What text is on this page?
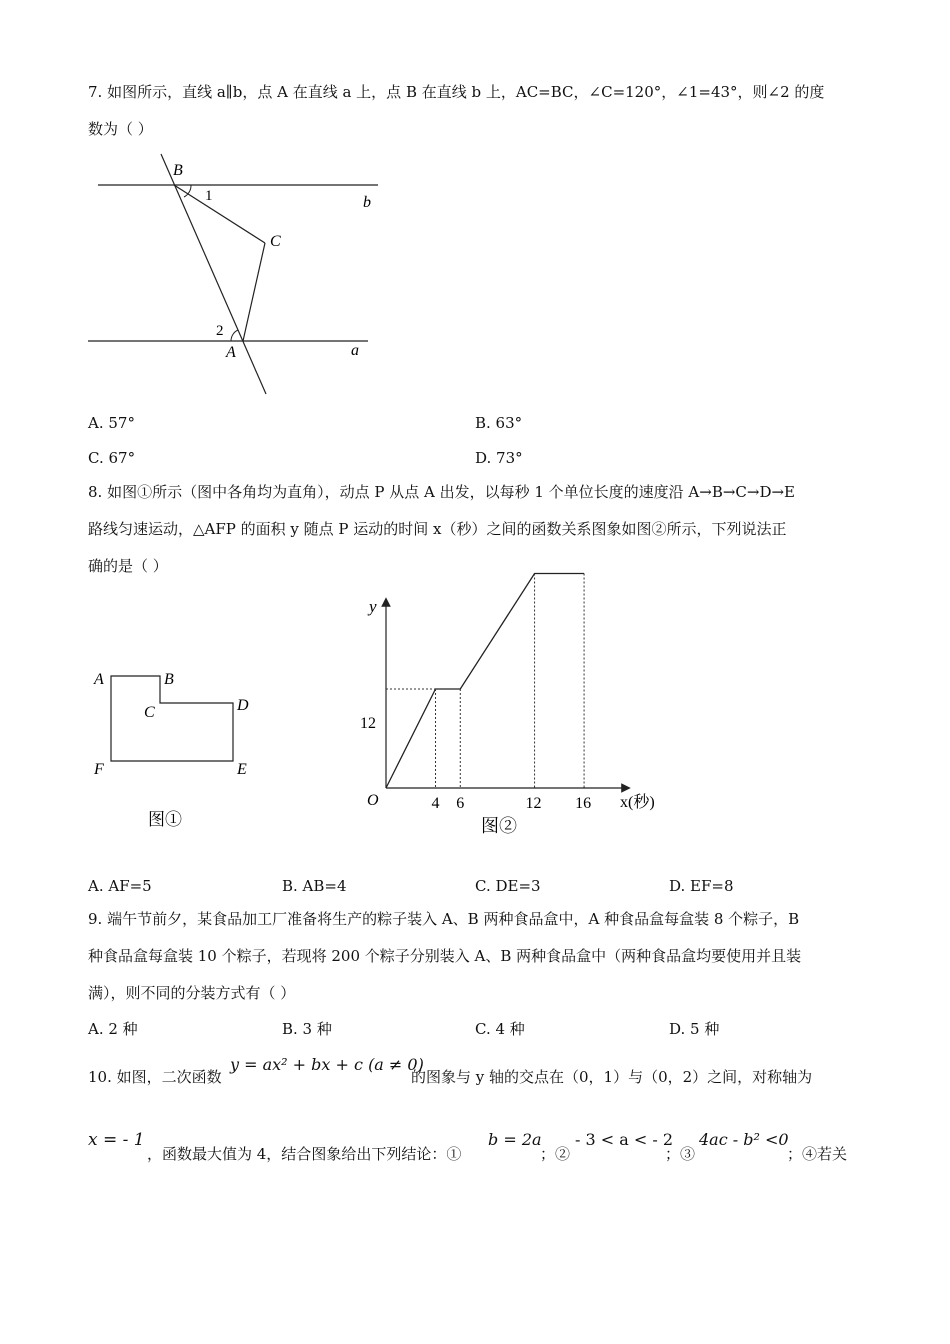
7. 如图所示，直线 a∥b，点 A 在直线 a 上，点 B 在直线 b 上，AC=BC，∠C=120°，∠1=43°，则∠2 的度
数为（ ）
B
1	b
C
2
A	a
A. 57°	B. 63°
C. 67°	D. 73°
8. 如图①所示（图中各角均为直角），动点 P 从点 A 出发，以每秒 1 个单位长度的速度沿 A→B→C→D→E
路线匀速运动，△AFP 的面积 y 随点 P 运动的时间 x（秒）之间的函数关系图象如图②所示，下列说法正
确的是（ ）
A	B
C	D
E
F
图①
y
x(秒)
O
12
图②
4 6	12 16
A. AF=5	B. AB=4	C. DE=3	D. EF=8
9. 端午节前夕，某食品加工厂准备将生产的粽子装入 A、B 两种食品盒中，A 种食品盒每盒装 8 个粽子，B
种食品盒每盒装 10 个粽子，若现将 200 个粽子分别装入 A、B 两种食品盒中（两种食品盒均要使用并且装
满），则不同的分装方式有（ ）
A. 2 种	B. 3 种	C. 4 种	D. 5 种
10. 如图，二次函数
y = ax² + bx + c (a ≠ 0)
的图象与 y 轴的交点在（0，1）与（0，2）之间，对称轴为
x = - 1
，函数最大值为 4，结合图象给出下列结论：①
b = 2a
；②
- 3 < a < - 2
；③
4ac - b² <0
；④若关
